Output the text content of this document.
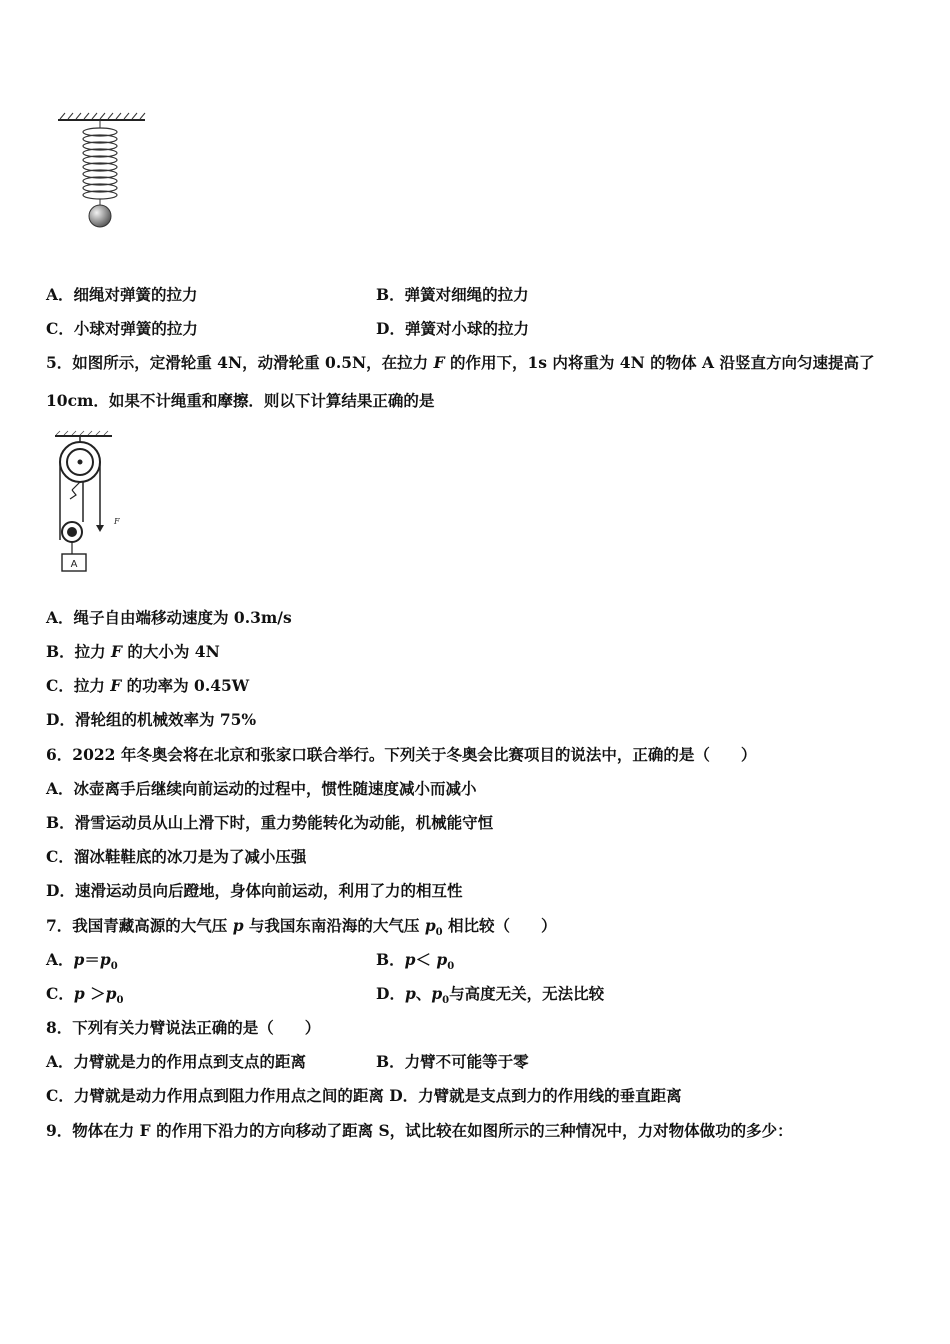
A．细绳对弹簧的拉力	B．弹簧对细绳的拉力
C．小球对弹簧的拉力	D．弹簧对小球的拉力
5．如图所示，定滑轮重 4N，动滑轮重 0.5N，在拉力 F 的作用下，1s 内将重为 4N 的物体 A 沿竖直方向匀速提高了
10cm．如果不计绳重和摩擦．则以下计算结果正确的是
A
F
A．绳子自由端移动速度为 0.3m/s
B．拉力 F 的大小为 4N
C．拉力 F 的功率为 0.45W
D．滑轮组的机械效率为 75%
6．2022 年冬奥会将在北京和张家口联合举行。下列关于冬奥会比赛项目的说法中，正确的是（　　）
A．冰壶离手后继续向前运动的过程中，惯性随速度减小而减小
B．滑雪运动员从山上滑下时，重力势能转化为动能，机械能守恒
C．溜冰鞋鞋底的冰刀是为了减小压强
D．速滑运动员向后蹬地，身体向前运动，利用了力的相互性
7．我国青藏高源的大气压 p 与我国东南沿海的大气压 $p_0$ 相比较（　　）
A．$p=p_0$	B．$p< p_0$
C．$p >p_0$	D．p、$p_0$与高度无关，无法比较
8．下列有关力臂说法正确的是（　　）
A．力臂就是力的作用点到支点的距离	B．力臂不可能等于零
C．力臂就是动力作用点到阻力作用点之间的距离 D．力臂就是支点到力的作用线的垂直距离
9．物体在力 F 的作用下沿力的方向移动了距离 S，试比较在如图所示的三种情况中，力对物体做功的多少：
